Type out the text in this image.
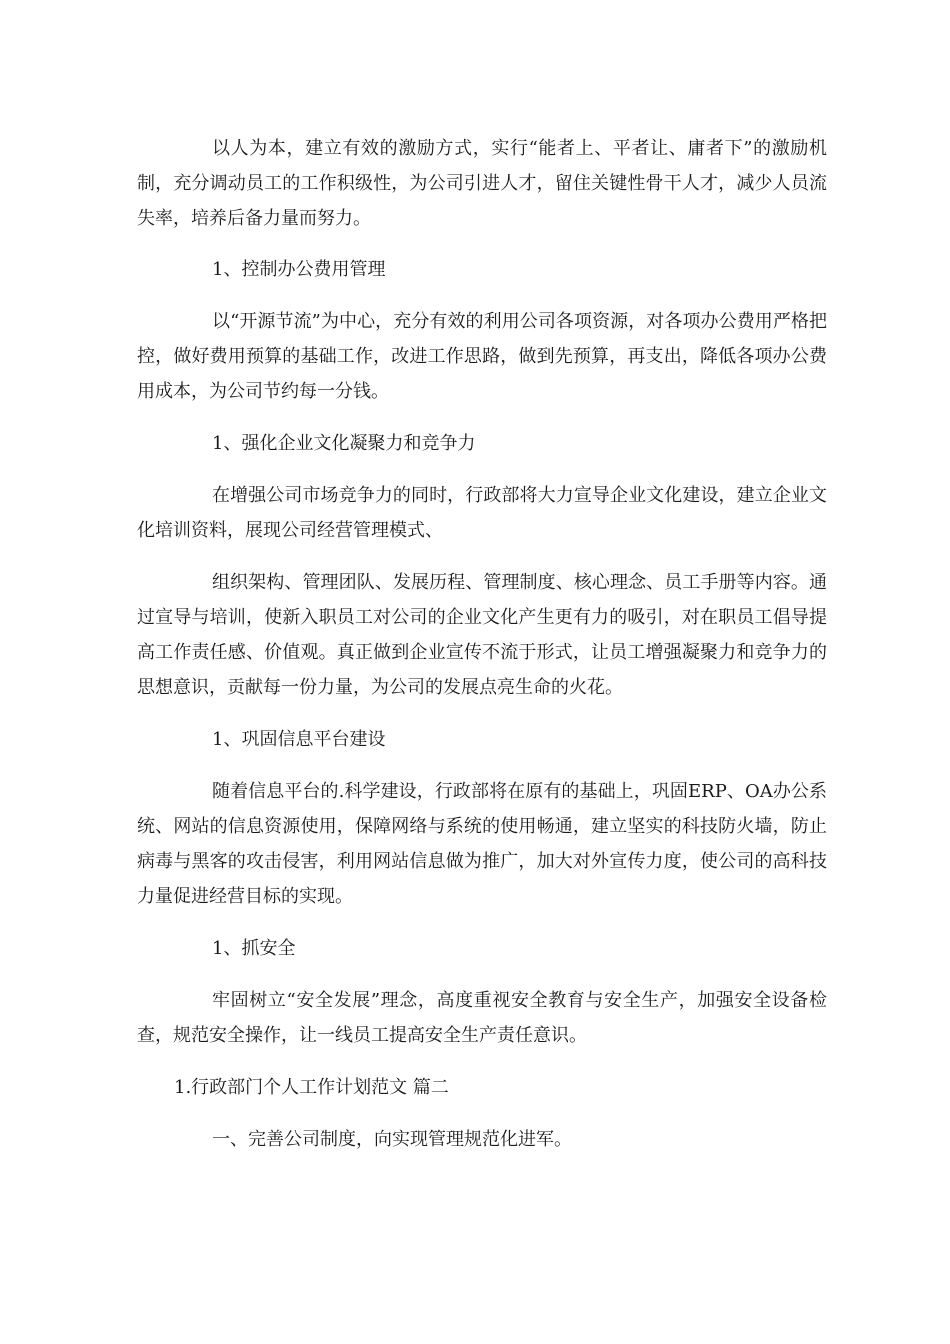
以人为本，建立有效的激励方式，实行“能者上、平者让、庸者下”的激励机制，充分调动员工的工作积级性，为公司引进人才，留住关键性骨干人才，减少人员流失率，培养后备力量而努力。

1、控制办公费用管理

以“开源节流”为中心，充分有效的利用公司各项资源，对各项办公费用严格把控，做好费用预算的基础工作，改进工作思路，做到先预算，再支出，降低各项办公费用成本，为公司节约每一分钱。

1、强化企业文化凝聚力和竞争力

在增强公司市场竞争力的同时，行政部将大力宣导企业文化建设，建立企业文化培训资料，展现公司经营管理模式、

组织架构、管理团队、发展历程、管理制度、核心理念、员工手册等内容。通过宣导与培训，使新入职员工对公司的企业文化产生更有力的吸引，对在职员工倡导提高工作责任感、价值观。真正做到企业宣传不流于形式，让员工增强凝聚力和竞争力的思想意识，贡献每一份力量，为公司的发展点亮生命的火花。

1、巩固信息平台建设

随着信息平台的.科学建设，行政部将在原有的基础上，巩固ERP、OA办公系统、网站的信息资源使用，保障网络与系统的使用畅通，建立坚实的科技防火墙，防止病毒与黑客的攻击侵害，利用网站信息做为推广，加大对外宣传力度，使公司的高科技力量促进经营目标的实现。

1、抓安全

牢固树立“安全发展”理念，高度重视安全教育与安全生产，加强安全设备检查，规范安全操作，让一线员工提高安全生产责任意识。

1.行政部门个人工作计划范文 篇二

一、完善公司制度，向实现管理规范化进军。
